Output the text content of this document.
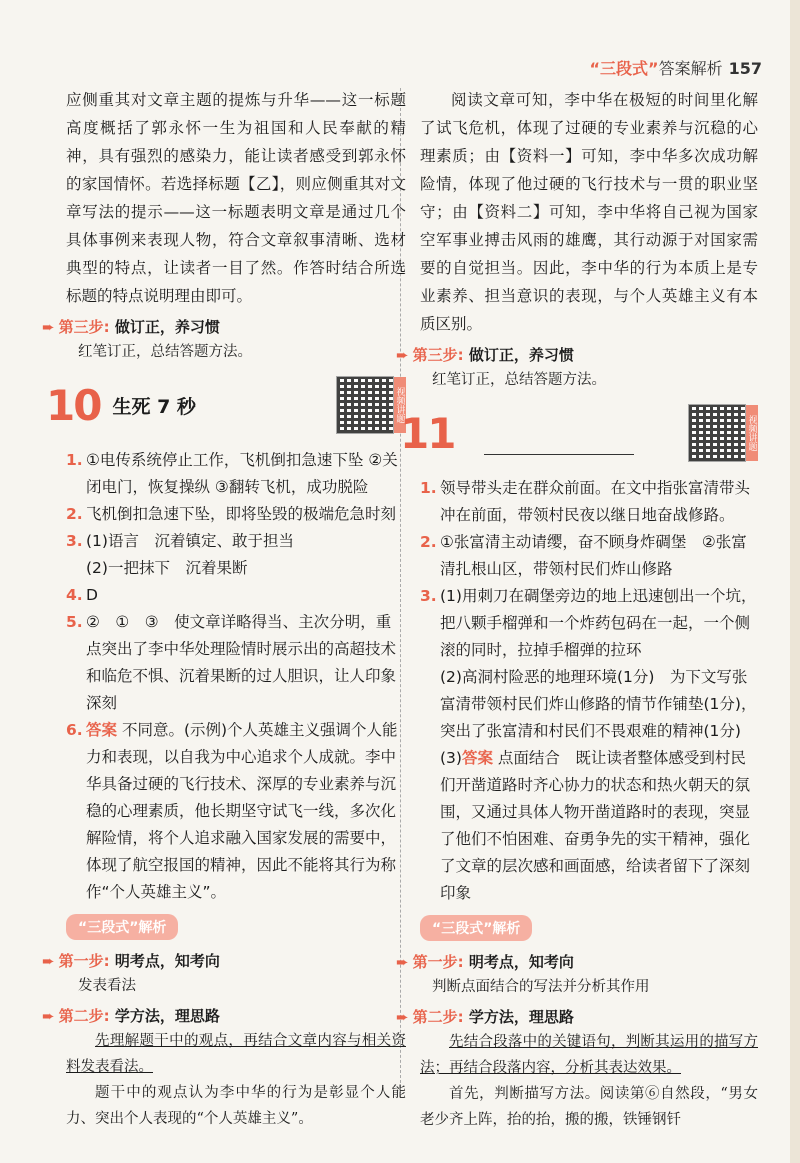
“三段式”答案解析 157

应侧重其对文章主题的提炼与升华——这一标题高度概括了郭永怀一生为祖国和人民奉献的精神，具有强烈的感染力，能让读者感受到郭永怀的家国情怀。若选择标题【乙】，则应侧重其对文章写法的提示——这一标题表明文章是通过几个具体事例来表现人物，符合文章叙事清晰、选材典型的特点，让读者一目了然。作答时结合所选标题的特点说明理由即可。

➨ 第三步: 做订正，养习惯

红笔订正，总结答题方法。

10 生死 7 秒	视频讲题

1. ①电传系统停止工作，飞机倒扣急速下坠 ②关闭电门，恢复操纵 ③翻转飞机，成功脱险

2. 飞机倒扣急速下坠，即将坠毁的极端危急时刻

3. (1)语言　沉着镇定、敢于担当

(2)一把抹下　沉着果断

4. D

5. ②　①　③　使文章详略得当、主次分明，重点突出了李中华处理险情时展示出的高超技术和临危不惧、沉着果断的过人胆识，让人印象深刻

6. 答案 不同意。(示例)个人英雄主义强调个人能力和表现，以自我为中心追求个人成就。李中华具备过硬的飞行技术、深厚的专业素养与沉稳的心理素质，他长期坚守试飞一线，多次化解险情，将个人追求融入国家发展的需要中，体现了航空报国的精神，因此不能将其行为称作“个人英雄主义”。

“三段式”解析
➨ 第一步: 明考点，知考向

发表看法

➨ 第二步: 学方法，理思路

先理解题干中的观点，再结合文章内容与相关资料发表看法。

题干中的观点认为李中华的行为是彰显个人能力、突出个人表现的“个人英雄主义”。

阅读文章可知，李中华在极短的时间里化解了试飞危机，体现了过硬的专业素养与沉稳的心理素质；由【资料一】可知，李中华多次成功解险情，体现了他过硬的飞行技术与一贯的职业坚守；由【资料二】可知，李中华将自己视为国家空军事业搏击风雨的雄鹰，其行动源于对国家需要的自觉担当。因此，李中华的行为本质上是专业素养、担当意识的表现，与个人英雄主义有本质区别。

➨ 第三步: 做订正，养习惯

红笔订正，总结答题方法。

11	视频讲题

1. 领导带头走在群众前面。在文中指张富清带头冲在前面，带领村民夜以继日地奋战修路。

2. ①张富清主动请缨，奋不顾身炸碉堡　②张富清扎根山区，带领村民们炸山修路

3. (1)用刺刀在碉堡旁边的地上迅速刨出一个坑，把八颗手榴弹和一个炸药包码在一起，一个侧滚的同时，拉掉手榴弹的拉环

(2)高洞村险恶的地理环境(1分)　为下文写张富清带领村民们炸山修路的情节作铺垫(1分)，突出了张富清和村民们不畏艰难的精神(1分)

(3)答案 点面结合　既让读者整体感受到村民们开凿道路时齐心协力的状态和热火朝天的氛围，又通过具体人物开凿道路时的表现，突显了他们不怕困难、奋勇争先的实干精神，强化了文章的层次感和画面感，给读者留下了深刻印象

“三段式”解析
➨ 第一步: 明考点，知考向

判断点面结合的写法并分析其作用

➨ 第二步: 学方法，理思路

先结合段落中的关键语句，判断其运用的描写方法；再结合段落内容，分析其表达效果。

首先，判断描写方法。阅读第⑥自然段，“男女老少齐上阵，抬的抬，搬的搬，铁锤钢钎
